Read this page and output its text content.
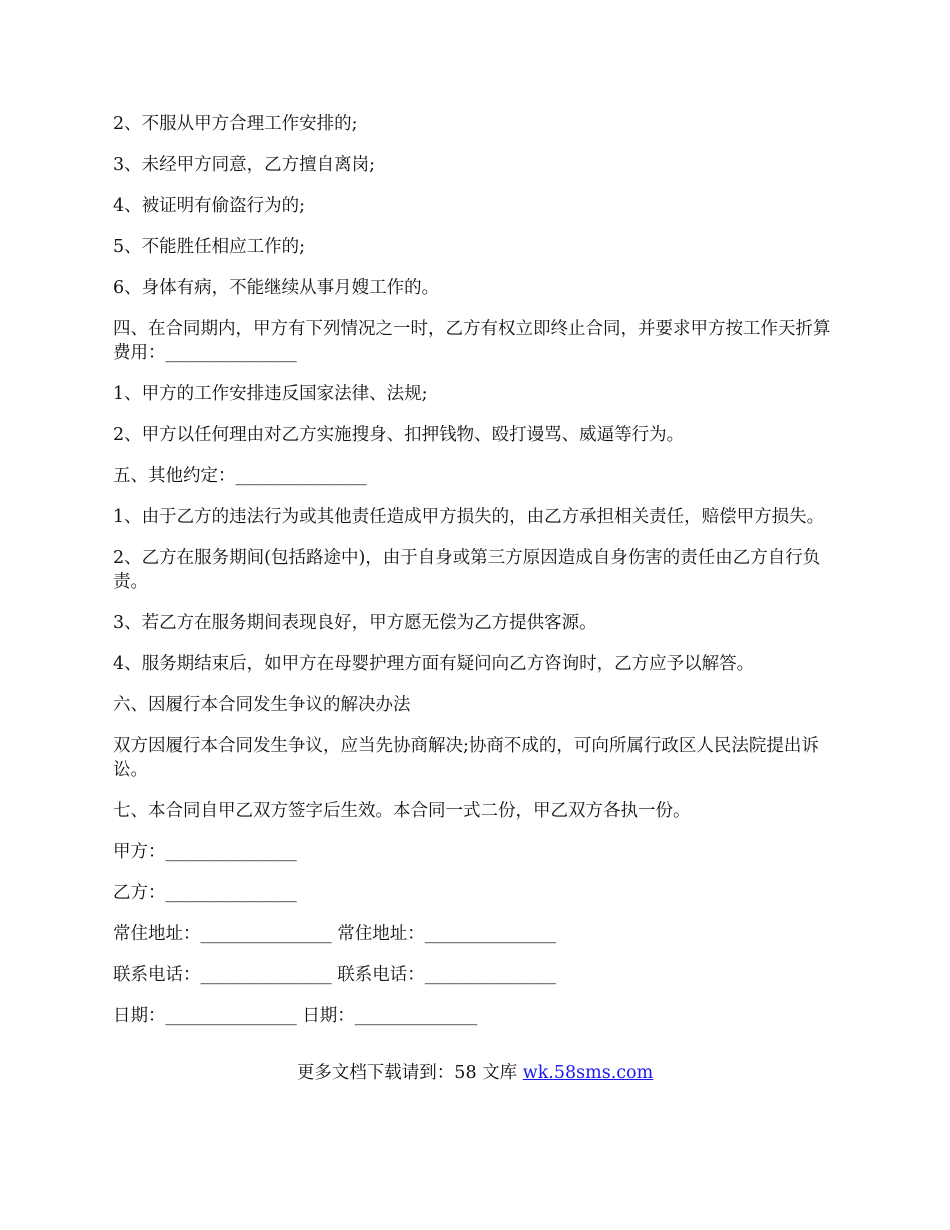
2、不服从甲方合理工作安排的;

3、未经甲方同意，乙方擅自离岗;

4、被证明有偷盗行为的;

5、不能胜任相应工作的;

6、身体有病，不能继续从事月嫂工作的。

四、在合同期内，甲方有下列情况之一时，乙方有权立即终止合同，并要求甲方按工作天折算费用：_______________

1、甲方的工作安排违反国家法律、法规;

2、甲方以任何理由对乙方实施搜身、扣押钱物、殴打谩骂、威逼等行为。

五、其他约定：_______________

1、由于乙方的违法行为或其他责任造成甲方损失的，由乙方承担相关责任，赔偿甲方损失。

2、乙方在服务期间(包括路途中)，由于自身或第三方原因造成自身伤害的责任由乙方自行负责。

3、若乙方在服务期间表现良好，甲方愿无偿为乙方提供客源。

4、服务期结束后，如甲方在母婴护理方面有疑问向乙方咨询时，乙方应予以解答。

六、因履行本合同发生争议的解决办法

双方因履行本合同发生争议，应当先协商解决;协商不成的，可向所属行政区人民法院提出诉讼。

七、本合同自甲乙双方签字后生效。本合同一式二份，甲乙双方各执一份。

甲方：_______________

乙方：_______________

常住地址：_______________ 常住地址：_______________

联系电话：_______________ 联系电话：_______________

日期：_______________ 日期：______________

更多文档下载请到：58 文库 wk.58sms.com
